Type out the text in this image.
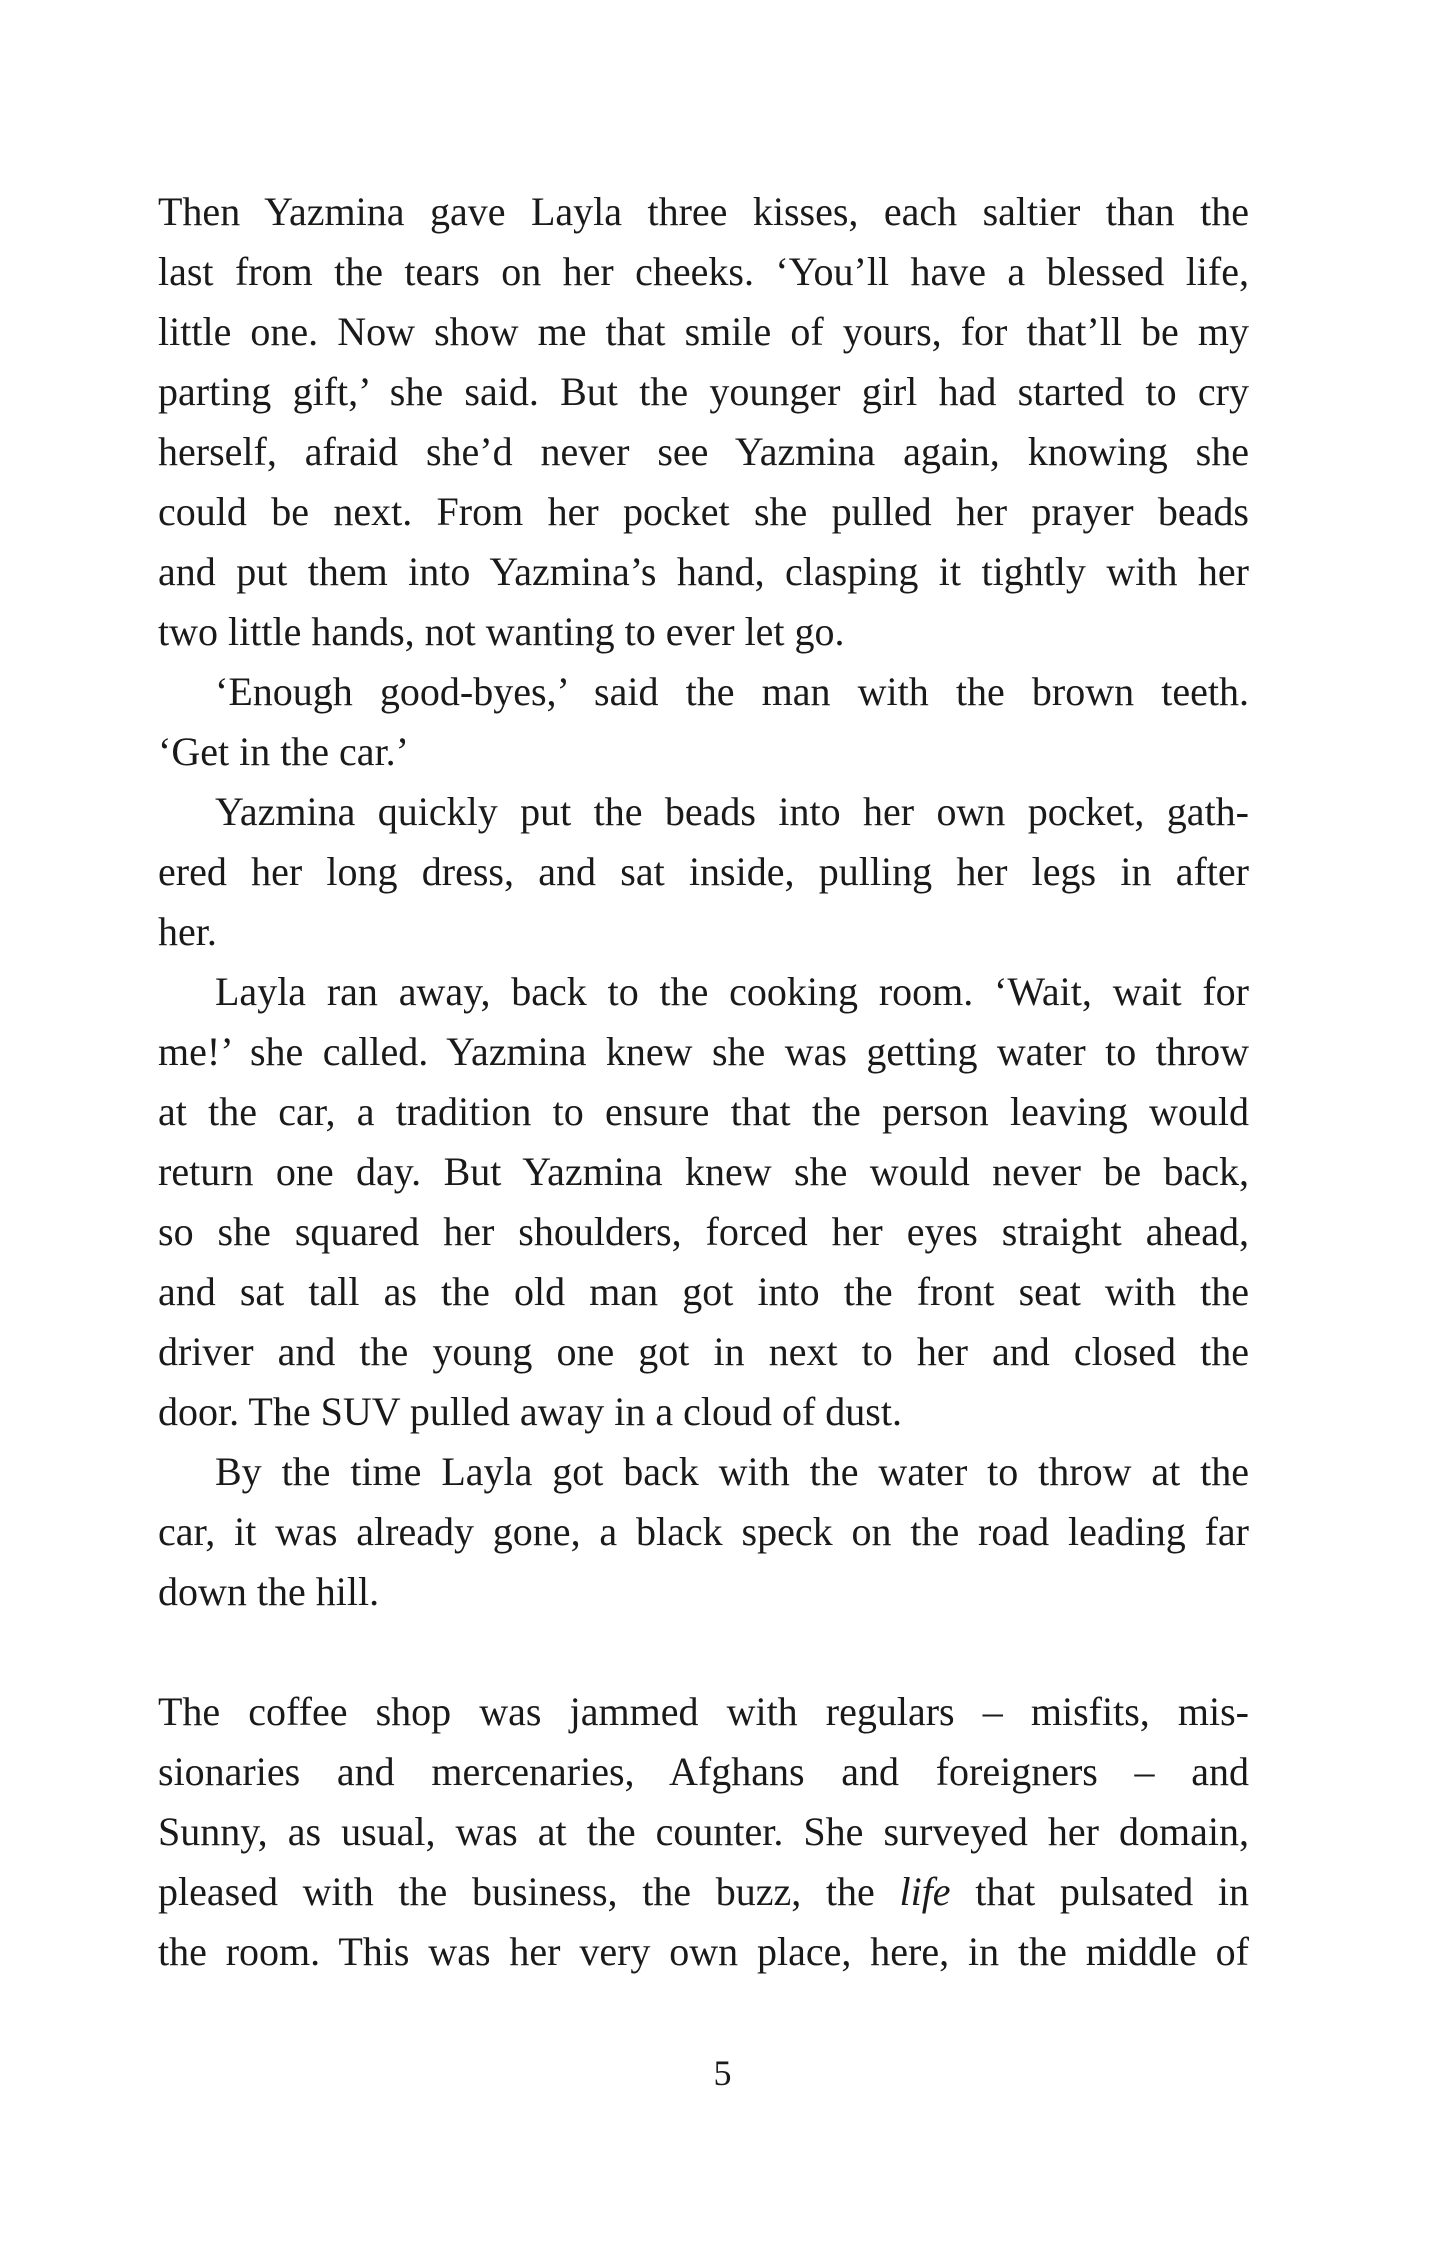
Then Yazmina gave Layla three kisses, each saltier than the
last from the tears on her cheeks. ‘You’ll have a blessed life,
little one. Now show me that smile of yours, for that’ll be my
parting gift,’ she said. But the younger girl had started to cry
herself, afraid she’d never see Yazmina again, knowing she
could be next. From her pocket she pulled her prayer beads
and put them into Yazmina’s hand, clasping it tightly with her
two little hands, not wanting to ever let go.
‘Enough good-byes,’ said the man with the brown teeth.
‘Get in the car.’
Yazmina quickly put the beads into her own pocket, gath-
ered her long dress, and sat inside, pulling her legs in after
her.
Layla ran away, back to the cooking room. ‘Wait, wait for
me!’ she called. Yazmina knew she was getting water to throw
at the car, a tradition to ensure that the person leaving would
return one day. But Yazmina knew she would never be back,
so she squared her shoulders, forced her eyes straight ahead,
and sat tall as the old man got into the front seat with the
driver and the young one got in next to her and closed the
door. The SUV pulled away in a cloud of dust.
By the time Layla got back with the water to throw at the
car, it was already gone, a black speck on the road leading far
down the hill.
The coffee shop was jammed with regulars – misfits, mis-
sionaries and mercenaries, Afghans and foreigners – and
Sunny, as usual, was at the counter. She surveyed her domain,
pleased with the business, the buzz, the life that pulsated in
the room. This was her very own place, here, in the middle of
5
